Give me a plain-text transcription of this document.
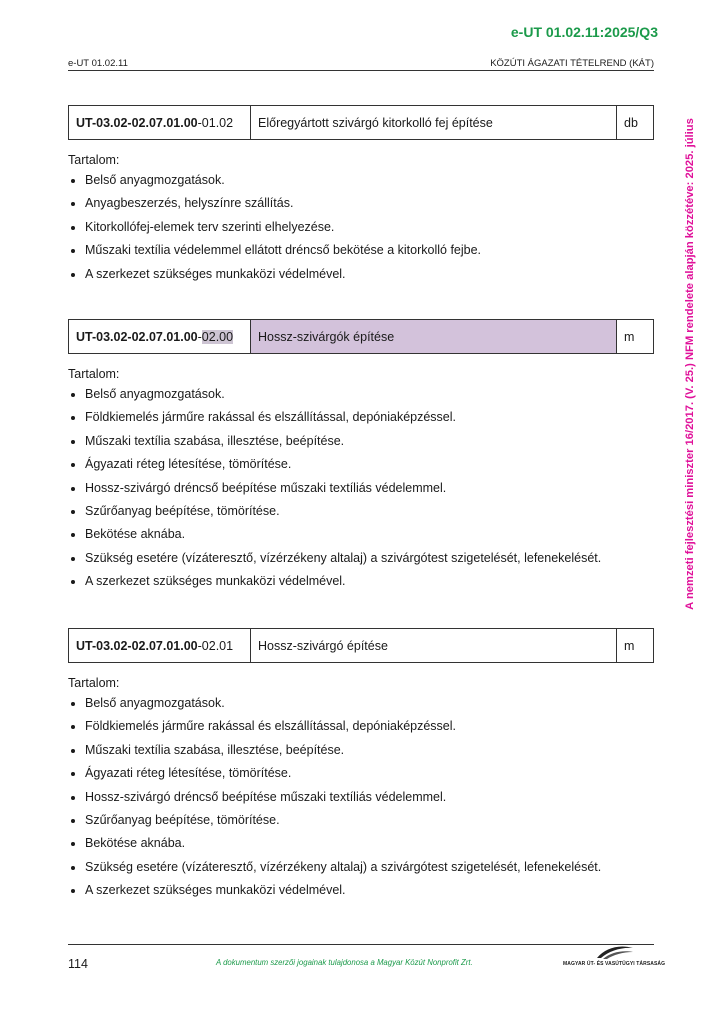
e-UT 01.02.11:2025/Q3
e-UT 01.02.11	KÖZÚTI ÁGAZATI TÉTELREND (KÁT)
A nemzeti fejlesztési miniszter 16/2017. (V. 25.) NFM rendelete alapján közzétéve: 2025. július
UT-03.02-02.07.01.00 -01.02	Előregyártott szivárgó kitorkolló fej építése	db
Tartalom:
• Belső anyagmozgatások.
• Anyagbeszerzés, helyszínre szállítás.
• Kitorkollófej-elemek terv szerinti elhelyezése.
• Műszaki textília védelemmel ellátott dréncső bekötése a kitorkolló fejbe.
• A szerkezet szükséges munkaközi védelmével.
UT-03.02-02.07.01.00 - 02.00	Hossz-szivárgók építése	m
Tartalom:
• Belső anyagmozgatások.
• Földkiemelés járműre rakással és elszállítással, depóniaképzéssel.
• Műszaki textília szabása, illesztése, beépítése.
• Ágyazati réteg létesítése, tömörítése.
• Hossz-szivárgó dréncső beépítése műszaki textíliás védelemmel.
• Szűrőanyag beépítése, tömörítése.
• Bekötése aknába.
• Szükség esetére (vízáteresztő, vízérzékeny altalaj) a szivárgótest szigetelését, lefenekelését.
• A szerkezet szükséges munkaközi védelmével.
UT-03.02-02.07.01.00 -02.01	Hossz-szivárgó építése	m
Tartalom:
• Belső anyagmozgatások.
• Földkiemelés járműre rakással és elszállítással, depóniaképzéssel.
• Műszaki textília szabása, illesztése, beépítése.
• Ágyazati réteg létesítése, tömörítése.
• Hossz-szivárgó dréncső beépítése műszaki textíliás védelemmel.
• Szűrőanyag beépítése, tömörítése.
• Bekötése aknába.
• Szükség esetére (vízáteresztő, vízérzékeny altalaj) a szivárgótest szigetelését, lefenekelését.
• A szerkezet szükséges munkaközi védelmével.
114	A dokumentum szerzői jogainak tulajdonosa a Magyar Közút Nonprofit Zrt.	MAGYAR ÚT- ÉS VASÚTÜGYI TÁRSASÁG
